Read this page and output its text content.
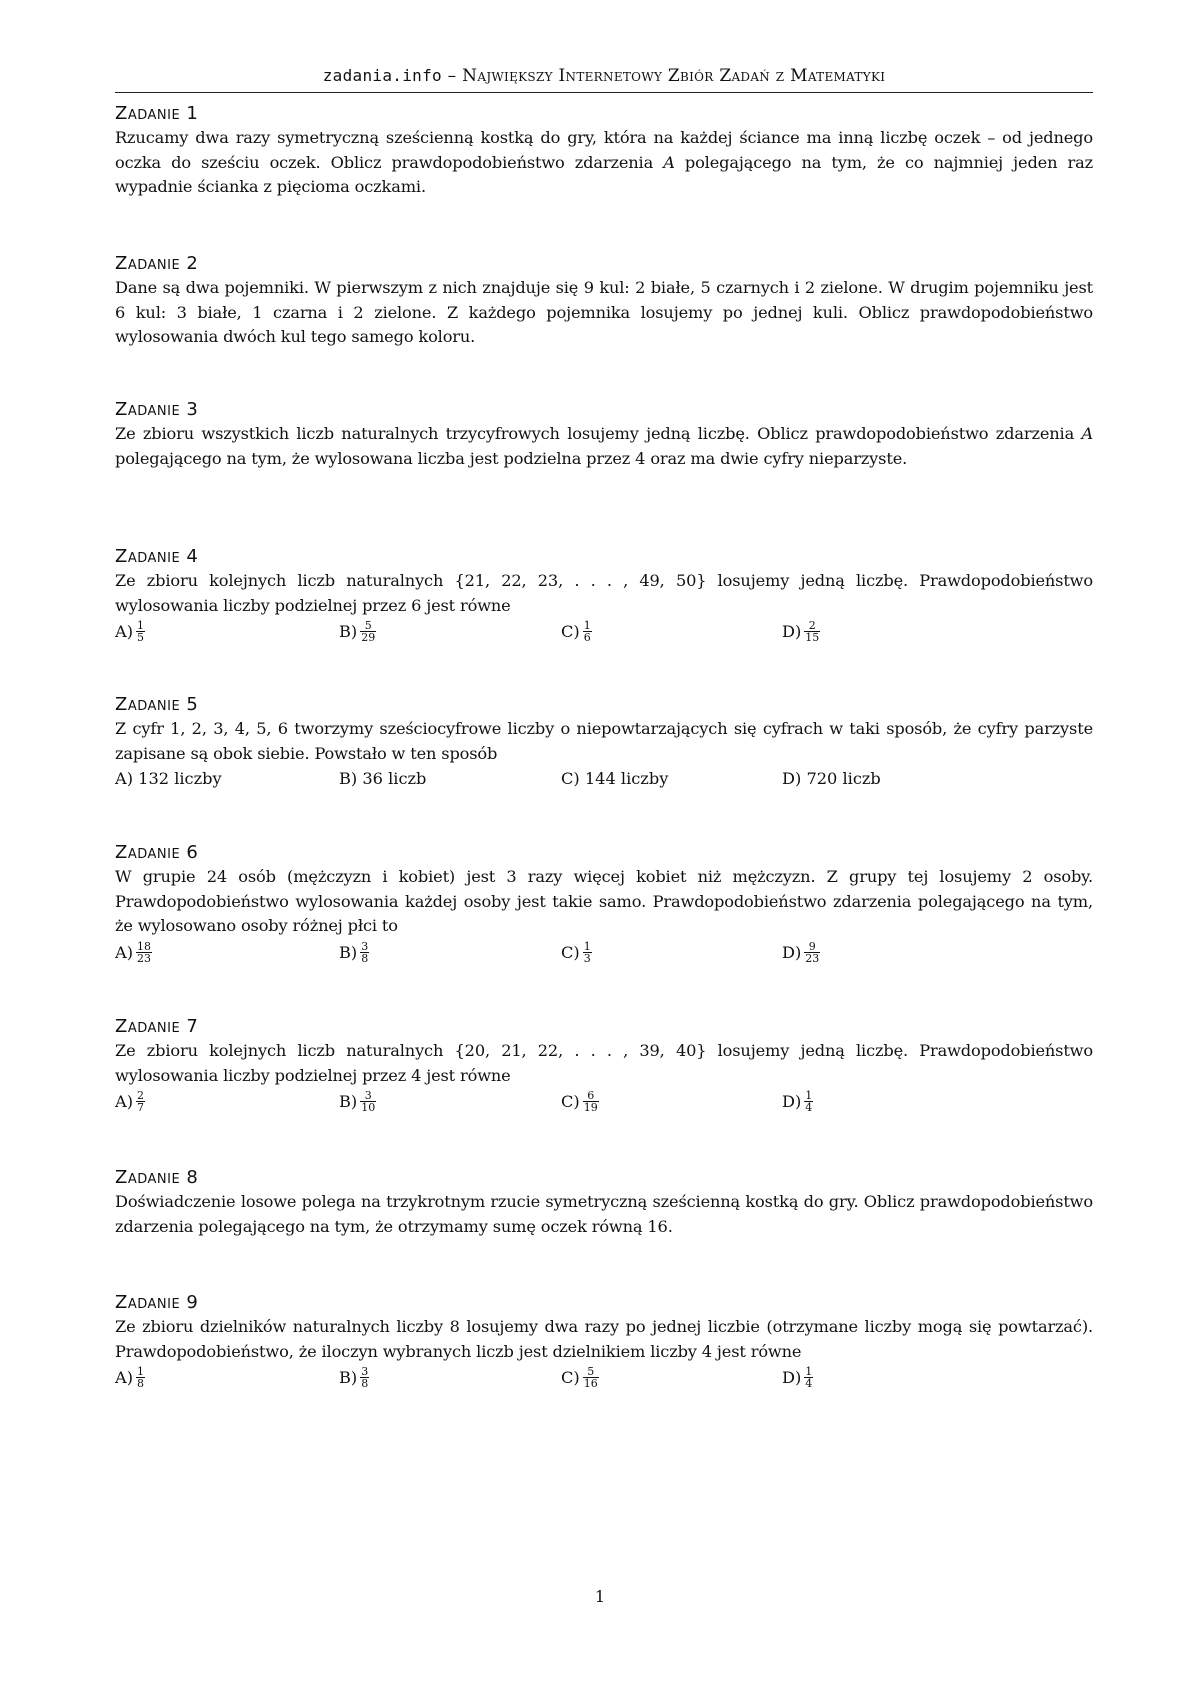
zadania.info – Największy Internetowy Zbiór Zadań z Matematyki
Zadanie 1

Rzucamy dwa razy symetryczną sześcienną kostką do gry, która na każdej ściance ma inną liczbę oczek – od jednego oczka do sześciu oczek. Oblicz prawdopodobieństwo zdarzenia A polegającego na tym, że co najmniej jeden raz wypadnie ścianka z pięcioma oczkami.

Zadanie 2

Dane są dwa pojemniki. W pierwszym z nich znajduje się 9 kul: 2 białe, 5 czarnych i 2 zielone. W drugim pojemniku jest 6 kul: 3 białe, 1 czarna i 2 zielone. Z każdego pojemnika losujemy po jednej kuli. Oblicz prawdopodobieństwo wylosowania dwóch kul tego samego koloru.

Zadanie 3

Ze zbioru wszystkich liczb naturalnych trzycyfrowych losujemy jedną liczbę. Oblicz prawdopodobieństwo zdarzenia A polegającego na tym, że wylosowana liczba jest podzielna przez 4 oraz ma dwie cyfry nieparzyste.

Zadanie 4

Ze zbioru kolejnych liczb naturalnych {21, 22, 23, . . . , 49, 50} losujemy jedną liczbę. Prawdopodobieństwo wylosowania liczby podzielnej przez 6 jest równe

$A) \frac{1}{5}$	$B) \frac{5}{29}$	$C) \frac{1}{6}$	$D) \frac{2}{15}$
Zadanie 5

Z cyfr 1, 2, 3, 4, 5, 6 tworzymy sześciocyfrowe liczby o niepowtarzających się cyfrach w taki sposób, że cyfry parzyste zapisane są obok siebie. Powstało w ten sposób

A) 132 liczby	B) 36 liczb	C) 144 liczby	D) 720 liczb
Zadanie 6

W grupie 24 osób (mężczyzn i kobiet) jest 3 razy więcej kobiet niż mężczyzn. Z grupy tej losujemy 2 osoby. Prawdopodobieństwo wylosowania każdej osoby jest takie samo. Prawdopodobieństwo zdarzenia polegającego na tym, że wylosowano osoby różnej płci to

$A) \frac{18}{23}$	$B) \frac{3}{8}$	$C) \frac{1}{3}$	$D) \frac{9}{23}$
Zadanie 7

Ze zbioru kolejnych liczb naturalnych {20, 21, 22, . . . , 39, 40} losujemy jedną liczbę. Prawdopodobieństwo wylosowania liczby podzielnej przez 4 jest równe

$A) \frac{2}{7}$	$B) \frac{3}{10}$	$C) \frac{6}{19}$	$D) \frac{1}{4}$
Zadanie 8

Doświadczenie losowe polega na trzykrotnym rzucie symetryczną sześcienną kostką do gry. Oblicz prawdopodobieństwo zdarzenia polegającego na tym, że otrzymamy sumę oczek równą 16.

Zadanie 9

Ze zbioru dzielników naturalnych liczby 8 losujemy dwa razy po jednej liczbie (otrzymane liczby mogą się powtarzać). Prawdopodobieństwo, że iloczyn wybranych liczb jest dzielnikiem liczby 4 jest równe

$A) \frac{1}{8}$	$B) \frac{3}{8}$	$C) \frac{5}{16}$	$D) \frac{1}{4}$
1
